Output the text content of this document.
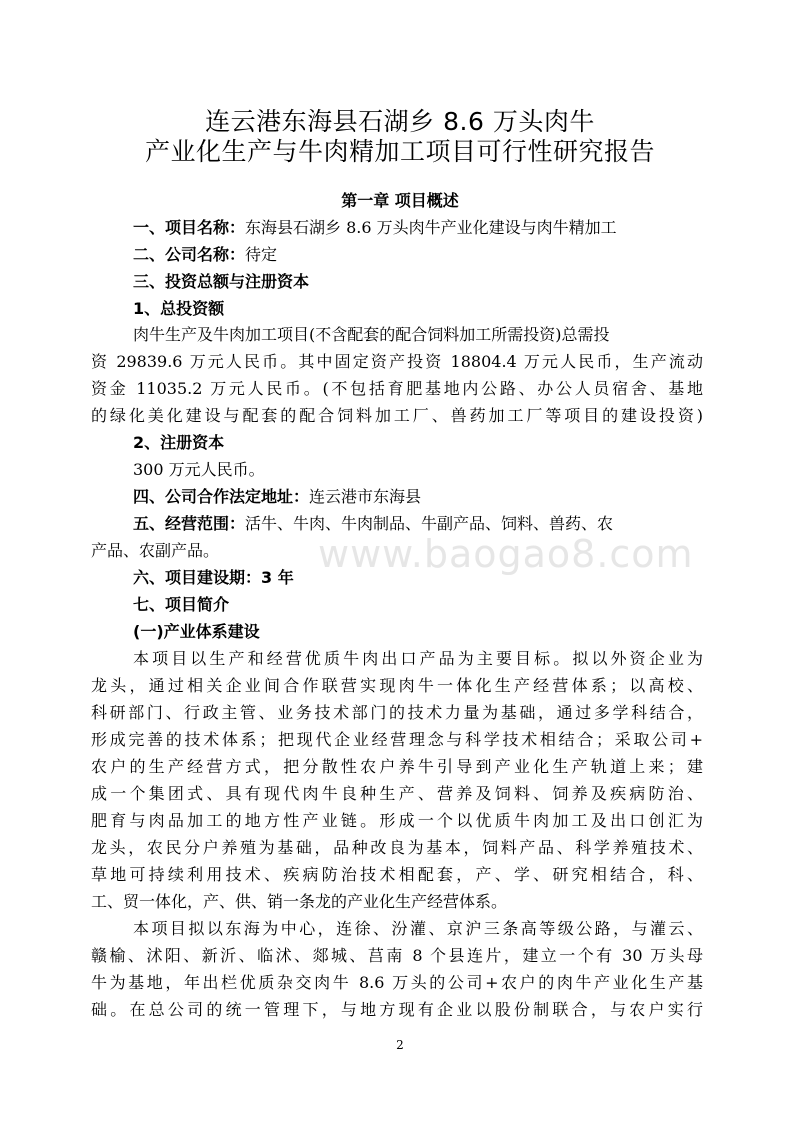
连云港东海县石湖乡 8.6 万头肉牛
产业化生产与牛肉精加工项目可行性研究报告
第一章 项目概述
一、项目名称：东海县石湖乡 8.6 万头肉牛产业化建设与肉牛精加工
二、公司名称：待定
三、投资总额与注册资本
1、总投资额
肉牛生产及牛肉加工项目(不含配套的配合饲料加工所需投资)总需投
资 29839.6 万元人民币。其中固定资产投资 18804.4 万元人民币，生产流动
资金 11035.2 万元人民币。(不包括育肥基地内公路、办公人员宿舍、基地
的绿化美化建设与配套的配合饲料加工厂、兽药加工厂等项目的建设投资)
2、注册资本
300 万元人民币。
四、公司合作法定地址：连云港市东海县
五、经营范围：活牛、牛肉、牛肉制品、牛副产品、饲料、兽药、农
产品、农副产品。
六、项目建设期：3 年
七、项目简介
(一)产业体系建设
本项目以生产和经营优质牛肉出口产品为主要目标。拟以外资企业为
龙头，通过相关企业间合作联营实现肉牛一体化生产经营体系；以高校、
科研部门、行政主管、业务技术部门的技术力量为基础，通过多学科结合，
形成完善的技术体系；把现代企业经营理念与科学技术相结合；采取公司+
农户的生产经营方式，把分散性农户养牛引导到产业化生产轨道上来；建
成一个集团式、具有现代肉牛良种生产、营养及饲料、饲养及疾病防治、
肥育与肉品加工的地方性产业链。形成一个以优质牛肉加工及出口创汇为
龙头，农民分户养殖为基础，品种改良为基本，饲料产品、科学养殖技术、
草地可持续利用技术、疾病防治技术相配套，产、学、研究相结合，科、
工、贸一体化，产、供、销一条龙的产业化生产经营体系。
本项目拟以东海为中心，连徐、汾灌、京沪三条高等级公路，与灌云、
赣榆、沭阳、新沂、临沭、郯城、莒南 8 个县连片，建立一个有 30 万头母
牛为基地，年出栏优质杂交肉牛 8.6 万头的公司+农户的肉牛产业化生产基
础。在总公司的统一管理下，与地方现有企业以股份制联合，与农户实行
www.baogao8.com
2
